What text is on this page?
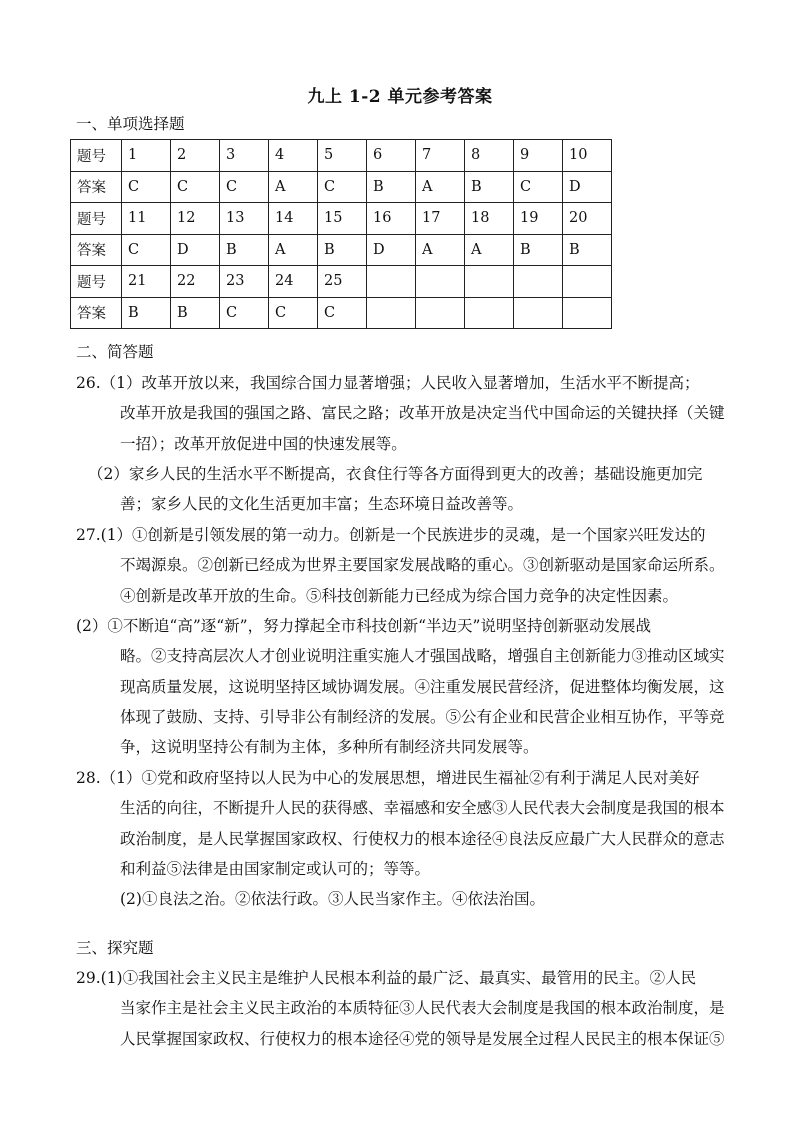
九上 1-2 单元参考答案
一、单项选择题
题号	1	2	3	4	5	6	7	8	9	10
答案	C	C	C	A	C	B	A	B	C	D
题号	11	12	13	14	15	16	17	18	19	20
答案	C	D	B	A	B	D	A	A	B	B
题号	21	22	23	24	25					
答案	B	B	C	C	C					
二、简答题
26.（1）改革开放以来，我国综合国力显著增强；人民收入显著增加，生活水平不断提高；
改革开放是我国的强国之路、富民之路；改革开放是决定当代中国命运的关键抉择（关键
一招）；改革开放促进中国的快速发展等。
（2）家乡人民的生活水平不断提高，衣食住行等各方面得到更大的改善；基础设施更加完
善；家乡人民的文化生活更加丰富；生态环境日益改善等。
27.(1）①创新是引领发展的第一动力。创新是一个民族进步的灵魂，是一个国家兴旺发达的
不竭源泉。②创新已经成为世界主要国家发展战略的重心。③创新驱动是国家命运所系。
④创新是改革开放的生命。⑤科技创新能力已经成为综合国力竞争的决定性因素。
(2）①不断追“高”逐“新”，努力撑起全市科技创新“半边天”说明坚持创新驱动发展战
略。②支持高层次人才创业说明注重实施人才强国战略，增强自主创新能力③推动区域实
现高质量发展，这说明坚持区域协调发展。④注重发展民营经济，促进整体均衡发展，这
体现了鼓励、支持、引导非公有制经济的发展。⑤公有企业和民营企业相互协作，平等竞
争，这说明坚持公有制为主体，多种所有制经济共同发展等。
28.（1）①党和政府坚持以人民为中心的发展思想，增进民生福祉②有利于满足人民对美好
生活的向往，不断提升人民的获得感、幸福感和安全感③人民代表大会制度是我国的根本
政治制度，是人民掌握国家政权、行使权力的根本途径④良法反应最广大人民群众的意志
和利益⑤法律是由国家制定或认可的；等等。
(2)①良法之治。②依法行政。③人民当家作主。④依法治国。
三、探究题
29.(1)①我国社会主义民主是维护人民根本利益的最广泛、最真实、最管用的民主。②人民
当家作主是社会主义民主政治的本质特征③人民代表大会制度是我国的根本政治制度，是
人民掌握国家政权、行使权力的根本途径④党的领导是发展全过程人民民主的根本保证⑤
